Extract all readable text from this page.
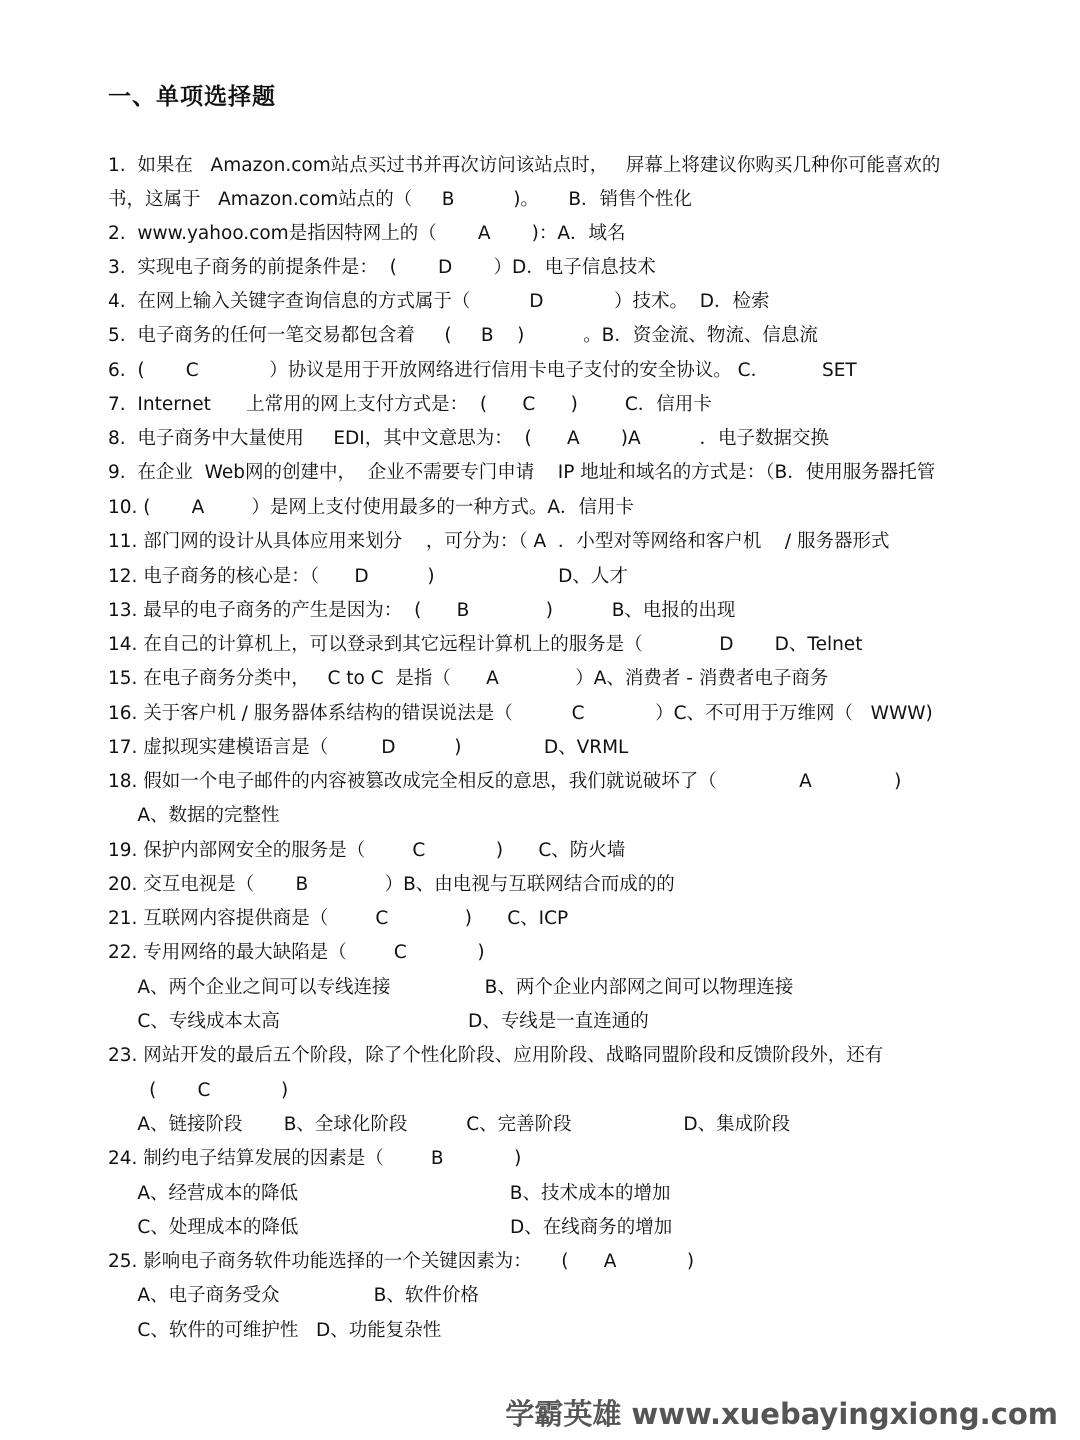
一、单项选择题
1.  如果在   Amazon.com站点买过书并再次访问该站点时，   屏幕上将建议你购买几种你可能喜欢的
书，这属于   Amazon.com站点的（     B          )。     B．销售个性化
2.  www.yahoo.com是指因特网上的（       A       )：A．域名
3.  实现电子商务的前提条件是：  (       D       ）D．电子信息技术
4.  在网上输入关键字查询信息的方式属于（          D            ）技术。  D．检索
5.  电子商务的任何一笔交易都包含着     (     B    )          。B．资金流、物流、信息流
6.  (       C            ）协议是用于开放网络进行信用卡电子支付的安全协议。 C．         SET
7.  Internet      上常用的网上支付方式是：  (      C      )        C．信用卡
8.  电子商务中大量使用     EDI，其中文意思为：  (      A       )A          ．电子数据交换
9.  在企业  Web网的创建中，  企业不需要专门申请    IP 地址和域名的方式是：（B．使用服务器托管
10. (       A        ）是网上支付使用最多的一种方式。A．信用卡
11. 部门网的设计从具体应用来划分    ，可分为：（ A  ．小型对等网络和客户机    / 服务器形式
12. 电子商务的核心是：（      D          )                     D、人才
13. 最早的电子商务的产生是因为：  (      B             )          B、电报的出现
14. 在自己的计算机上，可以登录到其它远程计算机上的服务是（             D       D、Telnet
15. 在电子商务分类中，   C to C  是指（      A             ）A、消费者 - 消费者电子商务
16. 关于客户机 / 服务器体系结构的错误说法是（          C            ）C、不可用于万维网（   WWW)
17. 虚拟现实建模语言是（         D          )              D、VRML
18. 假如一个电子邮件的内容被篡改成完全相反的意思，我们就说破坏了（              A              )
A、数据的完整性
19. 保护内部网安全的服务是（        C            )      C、防火墙
20. 交互电视是（       B             ）B、由电视与互联网结合而成的的
21. 互联网内容提供商是（        C             )      C、ICP
22. 专用网络的最大缺陷是（        C            )
A、两个企业之间可以专线连接                B、两个企业内部网之间可以物理连接
C、专线成本太高                                D、专线是一直连通的
23. 网站开发的最后五个阶段，除了个性化阶段、应用阶段、战略同盟阶段和反馈阶段外，还有
(       C            )
A、链接阶段       B、全球化阶段          C、完善阶段                   D、集成阶段
24. 制约电子结算发展的因素是（        B            )
A、经营成本的降低                                    B、技术成本的增加
C、处理成本的降低                                    D、在线商务的增加
25. 影响电子商务软件功能选择的一个关键因素为：     (      A            )
A、电子商务受众                B、软件价格
C、软件的可维护性   D、功能复杂性
学霸英雄 www.xuebayingxiong.com
